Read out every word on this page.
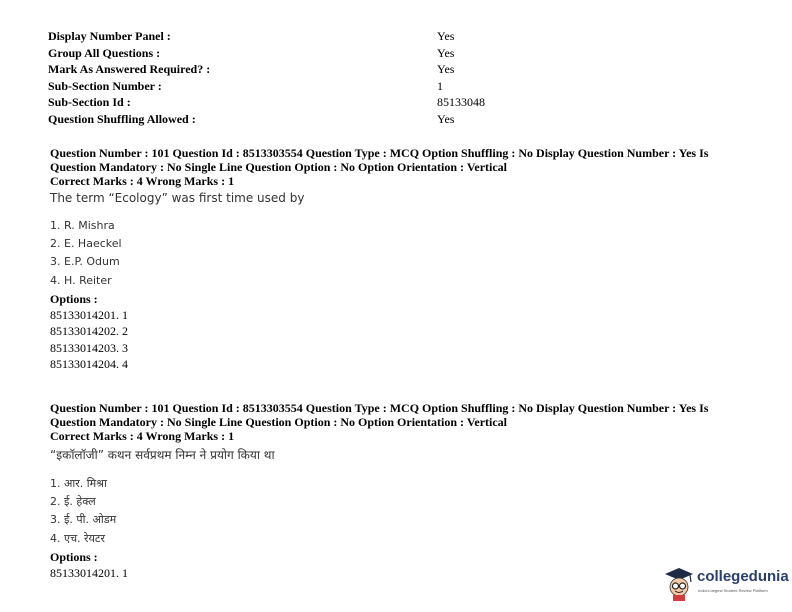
Display Number Panel :	Yes
Group All Questions :	Yes
Mark As Answered Required? :	Yes
Sub-Section Number :	1
Sub-Section Id :	85133048
Question Shuffling Allowed :	Yes
Question Number : 101 Question Id : 8513303554 Question Type : MCQ Option Shuffling : No Display Question Number : Yes Is
Question Mandatory : No Single Line Question Option : No Option Orientation : Vertical
Correct Marks : 4 Wrong Marks : 1
The term “Ecology” was first time used by
1. R. Mishra
2. E. Haeckel
3. E.P. Odum
4. H. Reiter
Options :
85133014201. 1
85133014202. 2
85133014203. 3
85133014204. 4
Question Number : 101 Question Id : 8513303554 Question Type : MCQ Option Shuffling : No Display Question Number : Yes Is
Question Mandatory : No Single Line Question Option : No Option Orientation : Vertical
Correct Marks : 4 Wrong Marks : 1
“इकॉलॉजी” कथन सर्वप्रथम निम्न ने प्रयोग किया था
1. आर. मिश्रा
2. ई. हेक्ल
3. ई. पी. ओडम
4. एच. रेयटर
Options :
85133014201. 1	collegedunia
India's largest Student Review Platform
